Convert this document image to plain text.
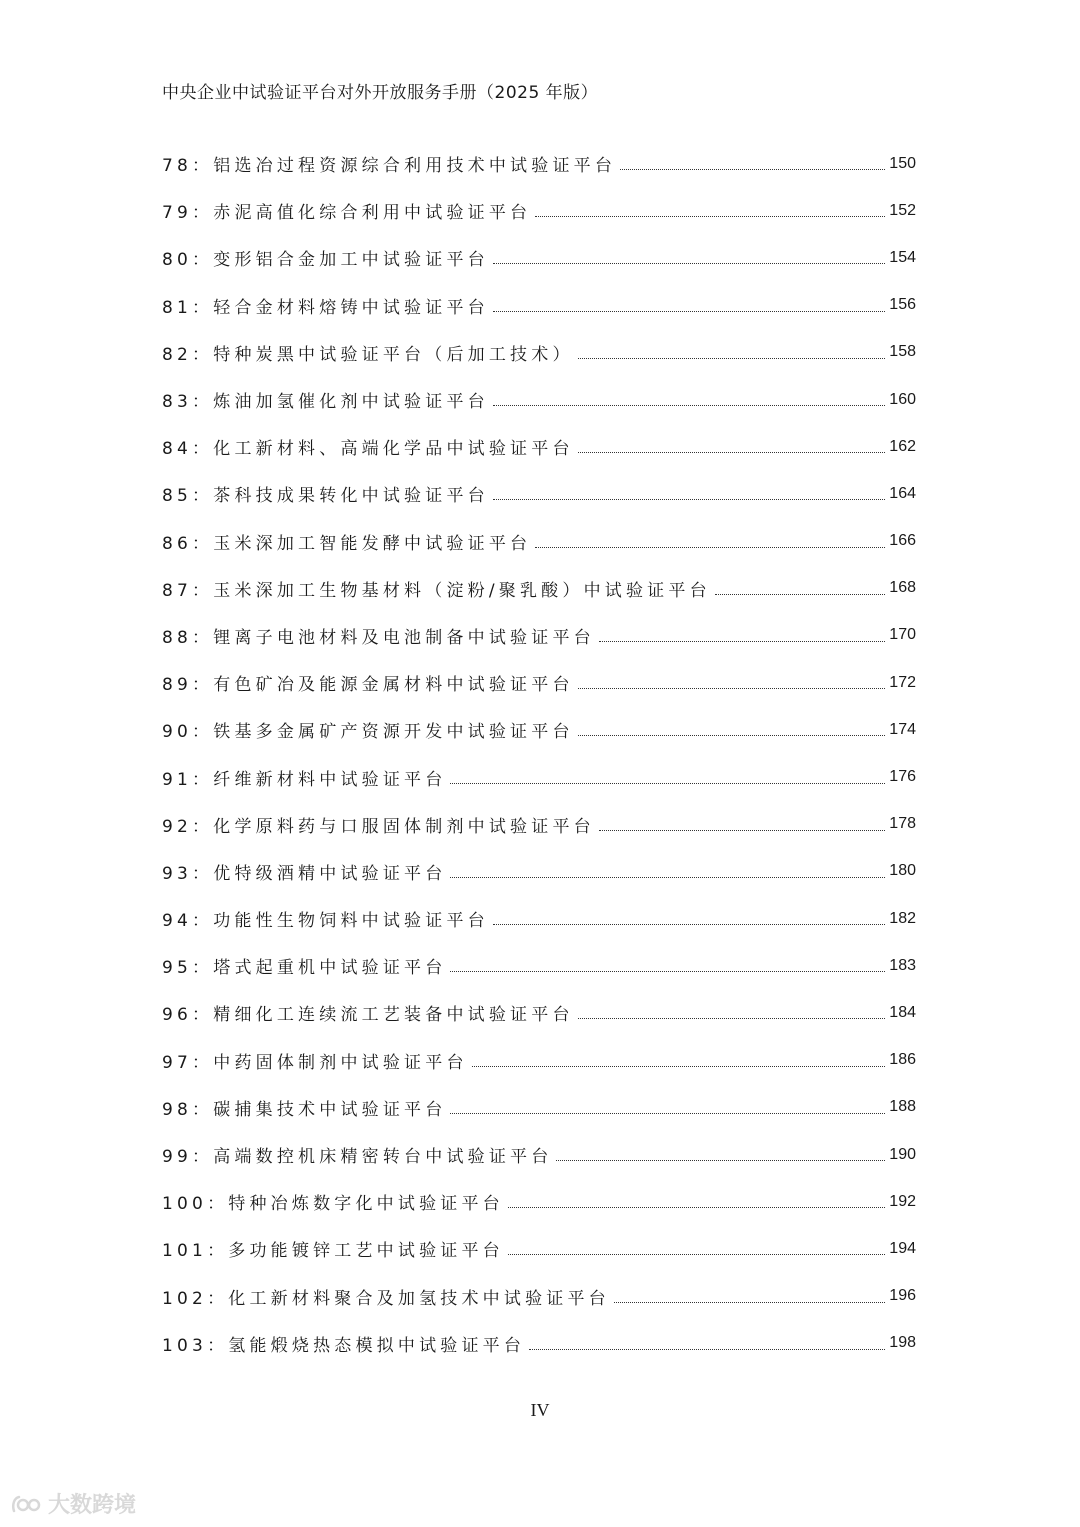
中央企业中试验证平台对外开放服务手册（2025 年版）
78：铝选冶过程资源综合利用技术中试验证平台	150
79：赤泥高值化综合利用中试验证平台	152
80：变形铝合金加工中试验证平台	154
81：轻合金材料熔铸中试验证平台	156
82：特种炭黑中试验证平台（后加工技术）	158
83：炼油加氢催化剂中试验证平台	160
84：化工新材料、高端化学品中试验证平台	162
85：茶科技成果转化中试验证平台	164
86：玉米深加工智能发酵中试验证平台	166
87：玉米深加工生物基材料（淀粉/聚乳酸）中试验证平台	168
88：锂离子电池材料及电池制备中试验证平台	170
89：有色矿冶及能源金属材料中试验证平台	172
90：铁基多金属矿产资源开发中试验证平台	174
91：纤维新材料中试验证平台	176
92：化学原料药与口服固体制剂中试验证平台	178
93：优特级酒精中试验证平台	180
94：功能性生物饲料中试验证平台	182
95：塔式起重机中试验证平台	183
96：精细化工连续流工艺装备中试验证平台	184
97：中药固体制剂中试验证平台	186
98：碳捕集技术中试验证平台	188
99：高端数控机床精密转台中试验证平台	190
100：特种冶炼数字化中试验证平台	192
101：多功能镀锌工艺中试验证平台	194
102：化工新材料聚合及加氢技术中试验证平台	196
103：氢能煅烧热态模拟中试验证平台	198
IV
大数跨境
